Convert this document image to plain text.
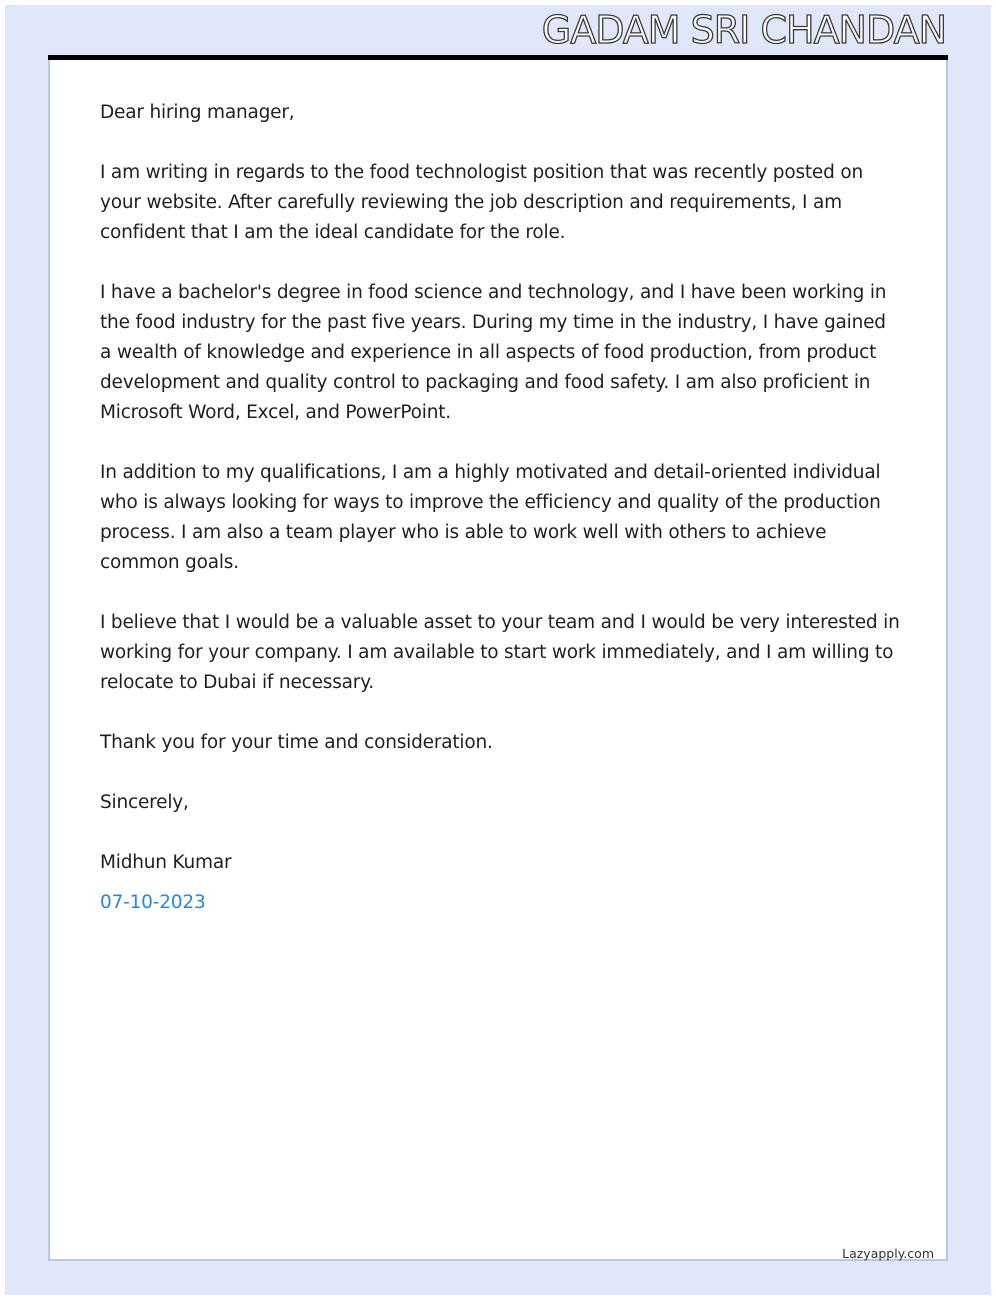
GADAM SRI CHANDAN

Dear hiring manager,

I am writing in regards to the food technologist position that was recently posted on your website. After carefully reviewing the job description and requirements, I am confident that I am the ideal candidate for the role.

I have a bachelor's degree in food science and technology, and I have been working in the food industry for the past five years. During my time in the industry, I have gained a wealth of knowledge and experience in all aspects of food production, from product development and quality control to packaging and food safety. I am also proficient in Microsoft Word, Excel, and PowerPoint.

In addition to my qualifications, I am a highly motivated and detail-oriented individual who is always looking for ways to improve the efficiency and quality of the production process. I am also a team player who is able to work well with others to achieve common goals.

I believe that I would be a valuable asset to your team and I would be very interested in working for your company. I am available to start work immediately, and I am willing to relocate to Dubai if necessary.

Thank you for your time and consideration.

Sincerely,

Midhun Kumar

07-10-2023

Lazyapply.com
